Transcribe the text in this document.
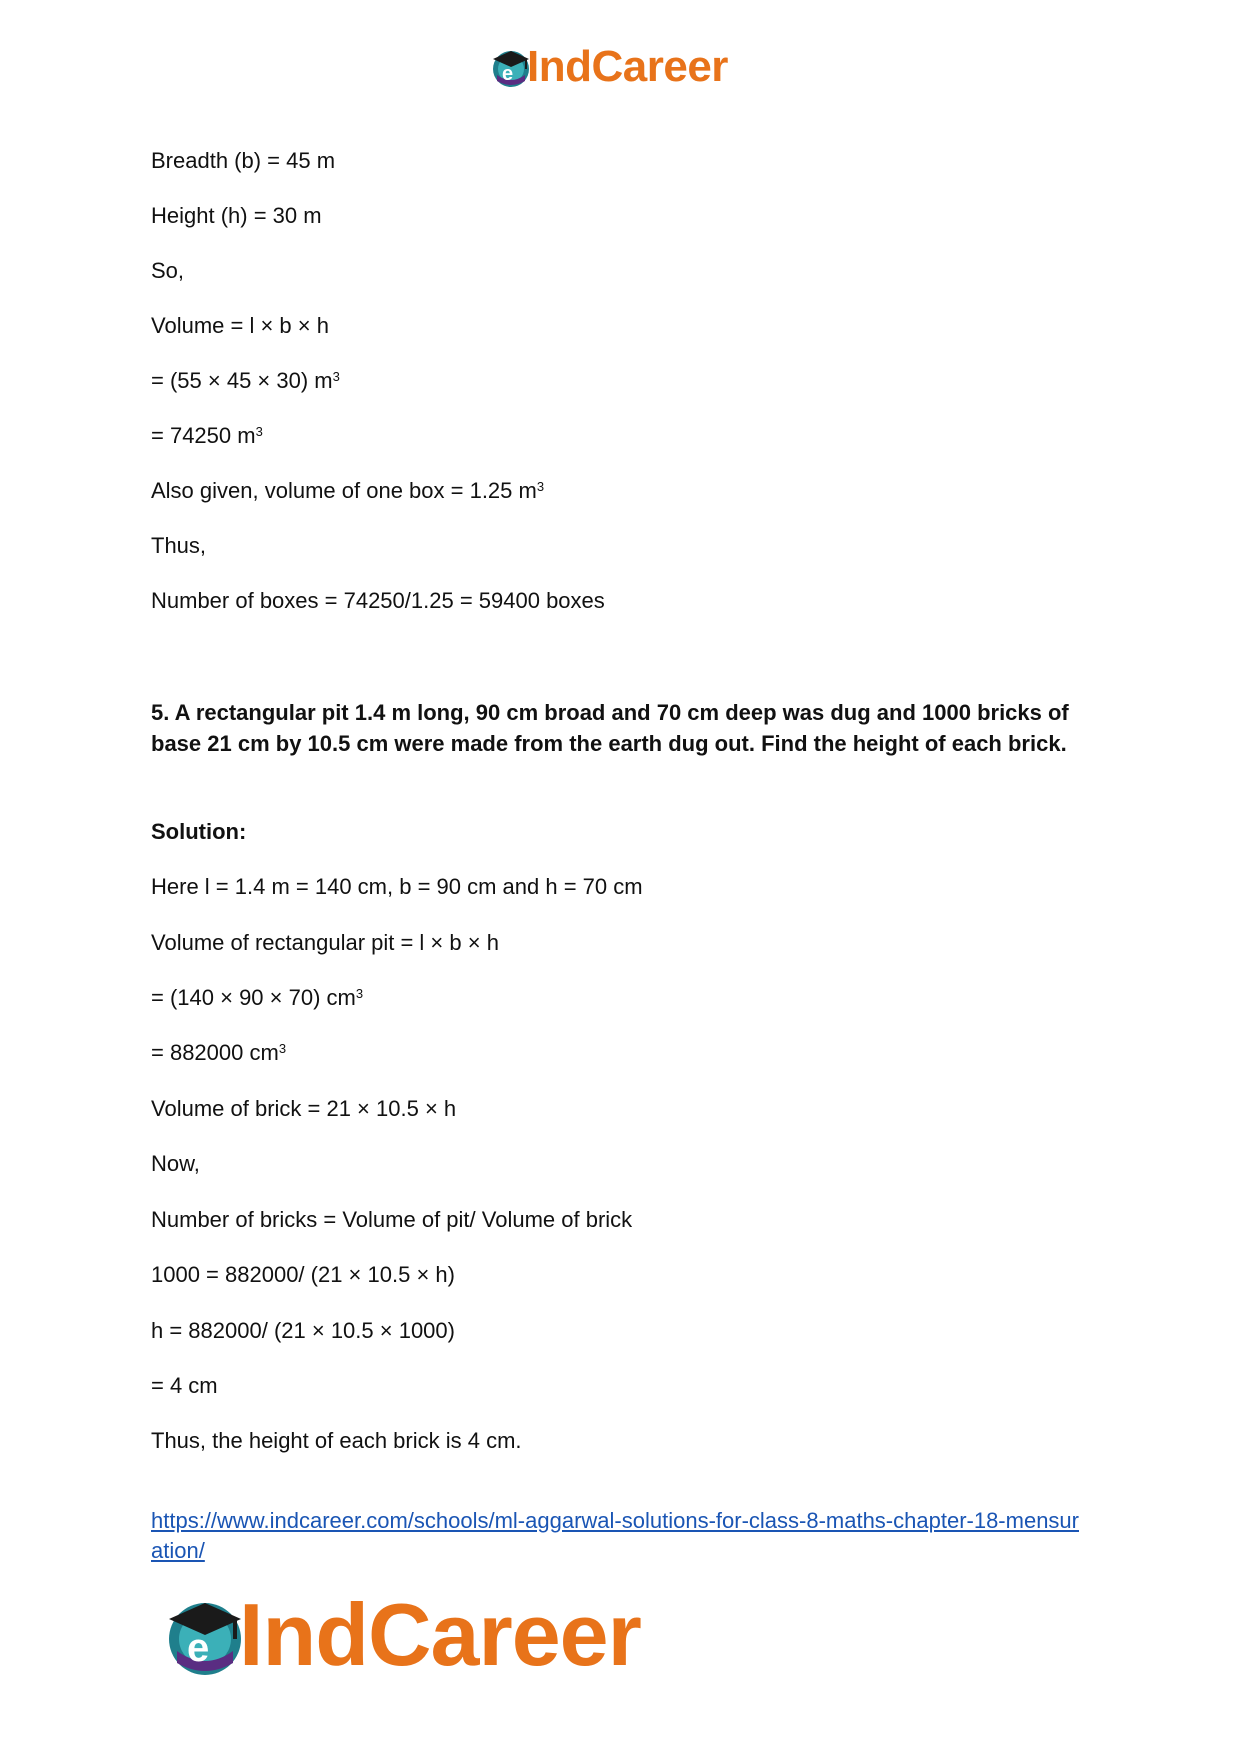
e IndCareer
Breadth (b) = 45 m
Height (h) = 30 m
So,
Volume = l × b × h
= (55 × 45 × 30) $m^3$
= 74250 $m^3$
Also given, volume of one box = 1.25 $m^3$
Thus,
Number of boxes = 74250/1.25 = 59400 boxes
5. A rectangular pit 1.4 m long, 90 cm broad and 70 cm deep was dug and 1000 bricks of base 21 cm by 10.5 cm were made from the earth dug out. Find the height of each brick.
Solution:
Here l = 1.4 m = 140 cm, b = 90 cm and h = 70 cm
Volume of rectangular pit = l × b × h
= (140 × 90 × 70) $cm^3$
= 882000 $cm^3$
Volume of brick = 21 × 10.5 × h
Now,
Number of bricks = Volume of pit/ Volume of brick
1000 = 882000/ (21 × 10.5 × h)
h = 882000/ (21 × 10.5 × 1000)
= 4 cm
Thus, the height of each brick is 4 cm.
https://www.indcareer.com/schools/ml-aggarwal-solutions-for-class-8-maths-chapter-18-mensuration/
e IndCareer
